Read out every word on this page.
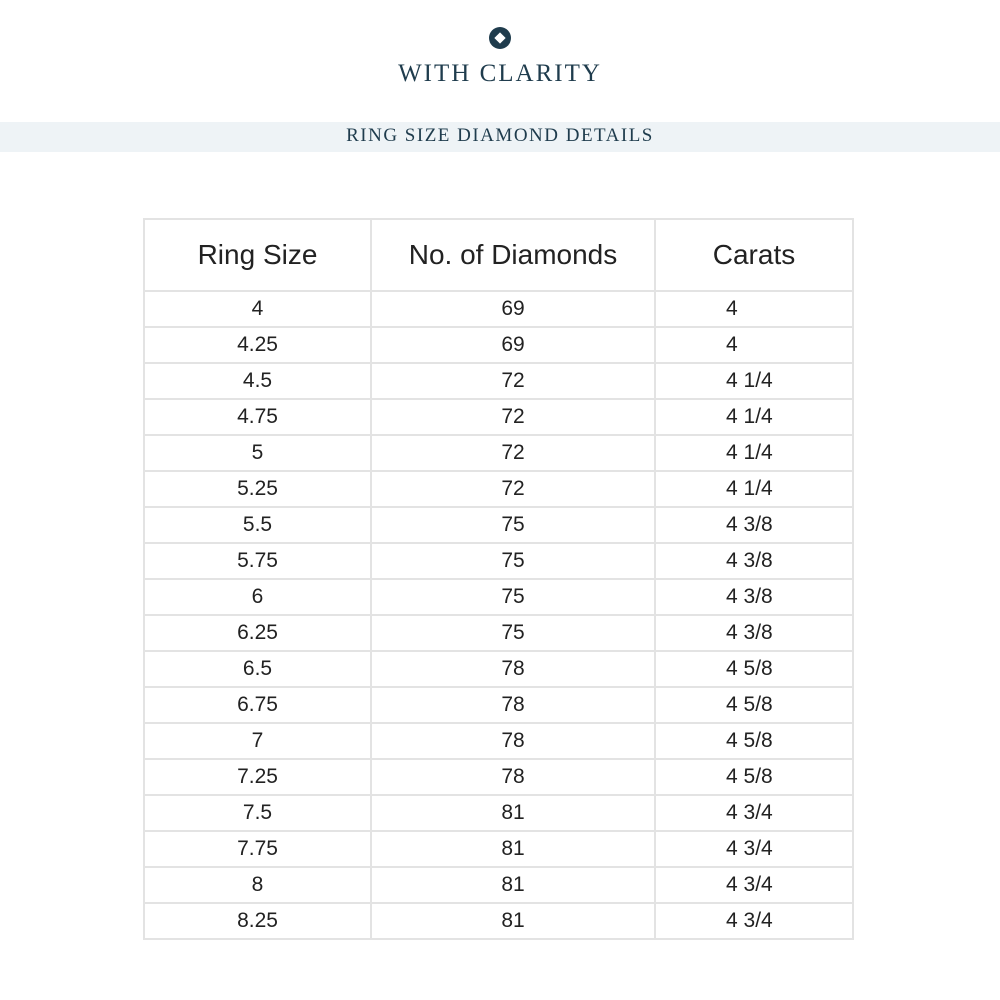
WITH CLARITY
RING SIZE DIAMOND DETAILS
Ring Size	No. of Diamonds	Carats
4	69	4
4.25	69	4
4.5	72	4 1/4
4.75	72	4 1/4
5	72	4 1/4
5.25	72	4 1/4
5.5	75	4 3/8
5.75	75	4 3/8
6	75	4 3/8
6.25	75	4 3/8
6.5	78	4 5/8
6.75	78	4 5/8
7	78	4 5/8
7.25	78	4 5/8
7.5	81	4 3/4
7.75	81	4 3/4
8	81	4 3/4
8.25	81	4 3/4
